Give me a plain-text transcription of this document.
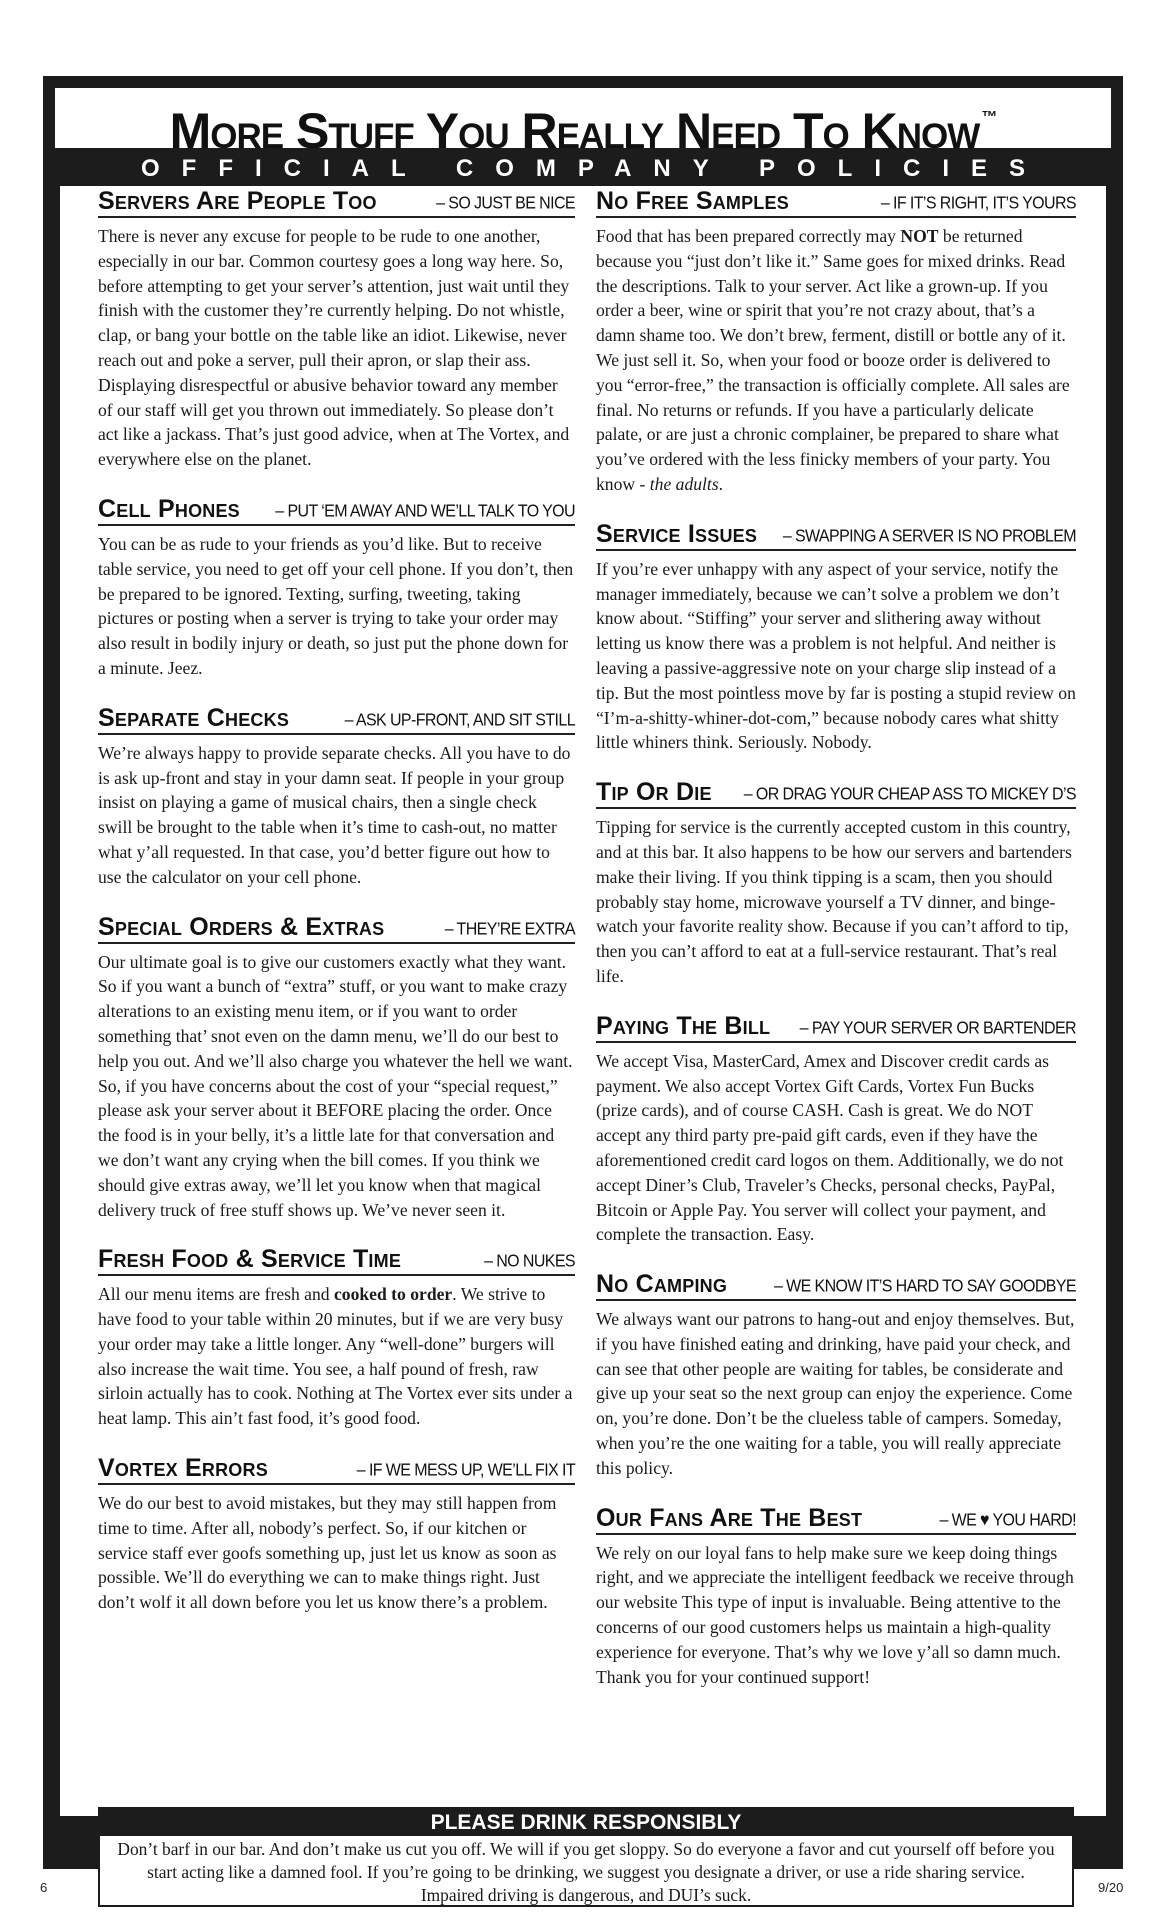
More Stuff You Really Need To Know ™
OFFICIAL COMPANY POLICIES
Servers Are People Too	– SO JUST BE NICE

There is never any excuse for people to be rude to one another, especially in our bar. Common courtesy goes a long way here. So, before attempting to get your server’s attention, just wait until they finish with the customer they’re currently helping. Do not whistle, clap, or bang your bottle on the table like an idiot. Likewise, never reach out and poke a server, pull their apron, or slap their ass. Displaying disrespectful or abusive behavior toward any member of our staff will get you thrown out immediately. So please don’t act like a jackass. That’s just good advice, when at The Vortex, and everywhere else on the planet.

Cell Phones – PUT ‘EM AWAY AND WE’LL TALK TO YOU

You can be as rude to your friends as you’d like. But to receive table service, you need to get off your cell phone. If you don’t, then be prepared to be ignored. Texting, surfing, tweeting, taking pictures or posting when a server is trying to take your order may also result in bodily injury or death, so just put the phone down for a minute. Jeez.

Separate Checks	– ASK UP-FRONT, AND SIT STILL

We’re always happy to provide separate checks. All you have to do is ask up-front and stay in your damn seat. If people in your group insist on playing a game of musical chairs, then a single check swill be brought to the table when it’s time to cash-out, no matter what y’all requested. In that case, you’d better figure out how to use the calculator on your cell phone.

Special Orders & Extras	– THEY’RE EXTRA

Our ultimate goal is to give our customers exactly what they want. So if you want a bunch of “extra” stuff, or you want to make crazy alterations to an existing menu item, or if you want to order something that’ snot even on the damn menu, we’ll do our best to help you out. And we’ll also charge you whatever the hell we want. So, if you have concerns about the cost of your “special request,” please ask your server about it BEFORE placing the order. Once the food is in your belly, it’s a little late for that conversation and we don’t want any crying when the bill comes. If you think we should give extras away, we’ll let you know when that magical delivery truck of free stuff shows up. We’ve never seen it.

Fresh Food & Service Time	– NO NUKES

All our menu items are fresh and cooked to order. We strive to have food to your table within 20 minutes, but if we are very busy your order may take a little longer. Any “well-done” burgers will also increase the wait time. You see, a half pound of fresh, raw sirloin actually has to cook. Nothing at The Vortex ever sits under a heat lamp. This ain’t fast food, it’s good food.

Vortex Errors	– IF WE MESS UP, WE’LL FIX IT

We do our best to avoid mistakes, but they may still happen from time to time. After all, nobody’s perfect. So, if our kitchen or service staff ever goofs something up, just let us know as soon as possible. We’ll do everything we can to make things right. Just don’t wolf it all down before you let us know there’s a problem.

No Free Samples	– IF IT’S RIGHT, IT’S YOURS

Food that has been prepared correctly may NOT be returned because you “just don’t like it.” Same goes for mixed drinks. Read the descriptions. Talk to your server. Act like a grown-up. If you order a beer, wine or spirit that you’re not crazy about, that’s a damn shame too. We don’t brew, ferment, distill or bottle any of it. We just sell it. So, when your food or booze order is delivered to you “error-free,” the transaction is officially complete. All sales are final. No returns or refunds. If you have a particularly delicate palate, or are just a chronic complainer, be prepared to share what you’ve ordered with the less finicky members of your party. You know - the adults.

Service Issues – SWAPPING A SERVER IS NO PROBLEM

If you’re ever unhappy with any aspect of your service, notify the manager immediately, because we can’t solve a problem we don’t know about. “Stiffing” your server and slithering away without letting us know there was a problem is not helpful. And neither is leaving a passive-aggressive note on your charge slip instead of a tip. But the most pointless move by far is posting a stupid review on “I’m-a-shitty-whiner-dot-com,” because nobody cares what shitty little whiners think. Seriously. Nobody.

Tip Or Die – OR DRAG YOUR CHEAP ASS TO MICKEY D’S

Tipping for service is the currently accepted custom in this country, and at this bar. It also happens to be how our servers and bartenders make their living. If you think tipping is a scam, then you should probably stay home, microwave yourself a TV dinner, and binge-watch your favorite reality show. Because if you can’t afford to tip, then you can’t afford to eat at a full-service restaurant. That’s real life.

Paying The Bill – PAY YOUR SERVER OR BARTENDER

We accept Visa, MasterCard, Amex and Discover credit cards as payment. We also accept Vortex Gift Cards, Vortex Fun Bucks (prize cards), and of course CASH. Cash is great. We do NOT accept any third party pre-paid gift cards, even if they have the aforementioned credit card logos on them. Additionally, we do not accept Diner’s Club, Traveler’s Checks, personal checks, PayPal, Bitcoin or Apple Pay. You server will collect your payment, and complete the transaction. Easy.

No Camping	– WE KNOW IT’S HARD TO SAY GOODBYE

We always want our patrons to hang-out and enjoy themselves. But, if you have finished eating and drinking, have paid your check, and can see that other people are waiting for tables, be considerate and give up your seat so the next group can enjoy the experience. Come on, you’re done. Don’t be the clueless table of campers. Someday, when you’re the one waiting for a table, you will really appreciate this policy.

Our Fans Are The Best	– WE ♥ YOU HARD!

We rely on our loyal fans to help make sure we keep doing things right, and we appreciate the intelligent feedback we receive through our website This type of input is invaluable. Being attentive to the concerns of our good customers helps us maintain a high-quality experience for everyone. That’s why we love y’all so damn much. Thank you for your continued support!

PLEASE DRINK RESPONSIBLY

Don’t barf in our bar. And don’t make us cut you off. We will if you get sloppy. So do everyone a favor and cut yourself off before you start acting like a damned fool. If you’re going to be drinking, we suggest you designate a driver, or use a ride sharing service. Impaired driving is dangerous, and DUI’s suck.

6	9/20
